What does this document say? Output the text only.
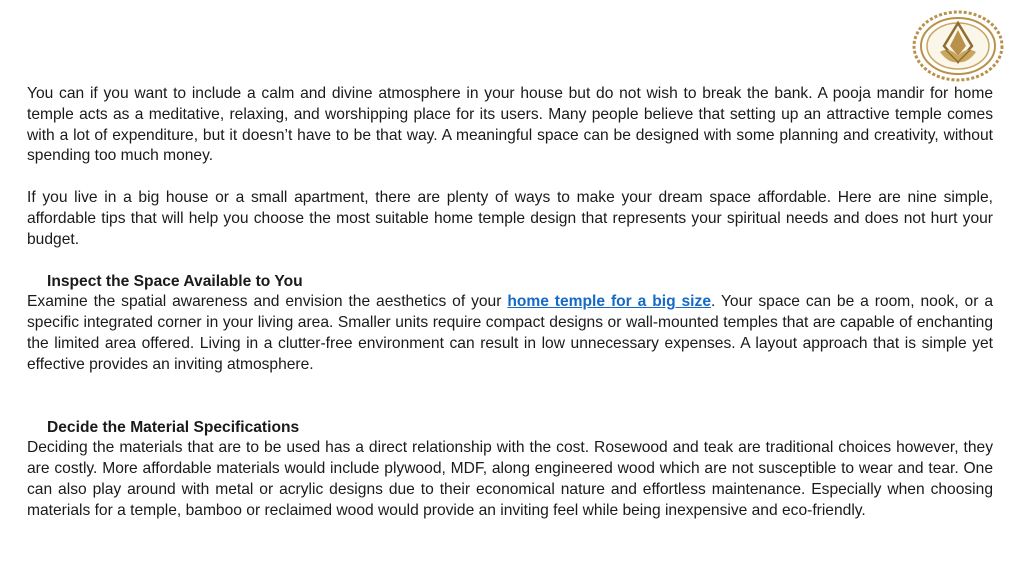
You can if you want to include a calm and divine atmosphere in your house but do not wish to break the bank. A pooja mandir for home temple acts as a meditative, relaxing, and worshipping place for its users. Many people believe that setting up an attractive temple comes with a lot of expenditure, but it doesn’t have to be that way. A meaningful space can be designed with some planning and creativity, without spending too much money.

If you live in a big house or a small apartment, there are plenty of ways to make your dream space affordable. Here are nine simple, affordable tips that will help you choose the most suitable home temple design that represents your spiritual needs and does not hurt your budget.

Inspect the Space Available to You

Examine the spatial awareness and envision the aesthetics of your home temple for a big size. Your space can be a room, nook, or a specific integrated corner in your living area. Smaller units require compact designs or wall-mounted temples that are capable of enchanting the limited area offered. Living in a clutter-free environment can result in low unnecessary expenses. A layout approach that is simple yet effective provides an inviting atmosphere.

Decide the Material Specifications

Deciding the materials that are to be used has a direct relationship with the cost. Rosewood and teak are traditional choices however, they are costly. More affordable materials would include plywood, MDF, along engineered wood which are not susceptible to wear and tear. One can also play around with metal or acrylic designs due to their economical nature and effortless maintenance. Especially when choosing materials for a temple, bamboo or reclaimed wood would provide an inviting feel while being inexpensive and eco-friendly.
